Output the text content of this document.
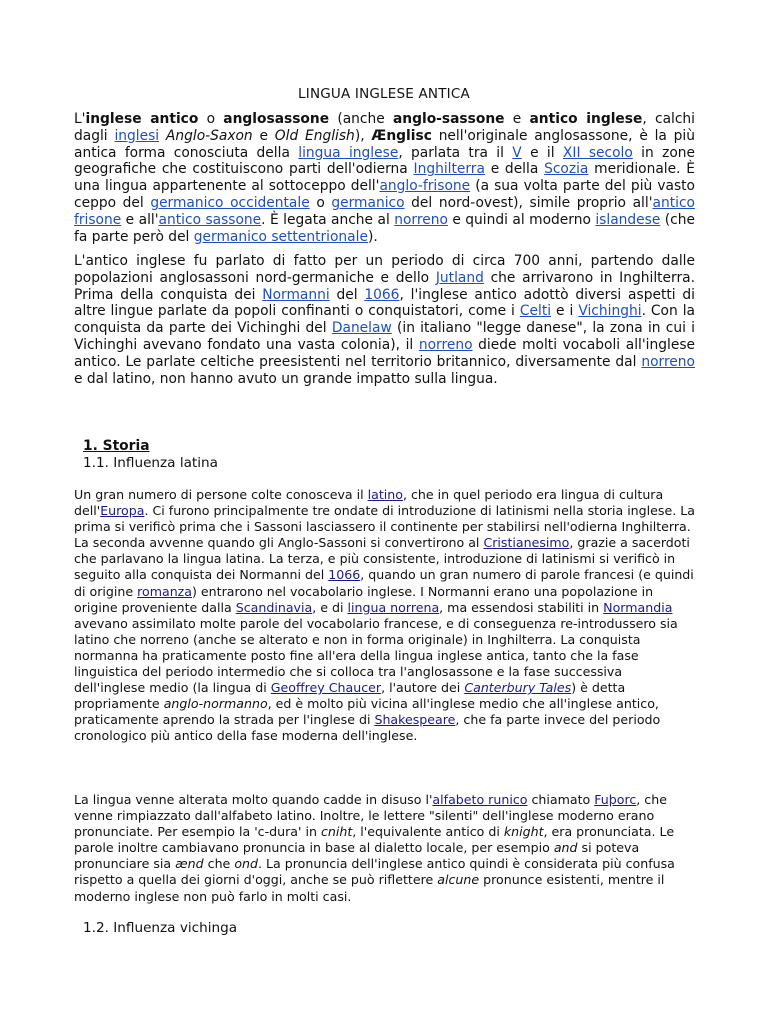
LINGUA INGLESE ANTICA
L'inglese antico o anglosassone (anche anglo-sassone e antico inglese, calchi dagli inglesi Anglo-Saxon e Old English), Ænglisc nell'originale anglosassone, è la più antica forma conosciuta della lingua inglese, parlata tra il V e il XII secolo in zone geografiche che costituiscono parti dell'odierna Inghilterra e della Scozia meridionale. È una lingua appartenente al sottoceppo dell'anglo-frisone (a sua volta parte del più vasto ceppo del germanico occidentale o germanico del nord-ovest), simile proprio all'antico frisone e all'antico sassone. È legata anche al norreno e quindi al moderno islandese (che fa parte però del germanico settentrionale).
L'antico inglese fu parlato di fatto per un periodo di circa 700 anni, partendo dalle popolazioni anglosassoni nord-germaniche e dello Jutland che arrivarono in Inghilterra. Prima della conquista dei Normanni del 1066, l'inglese antico adottò diversi aspetti di altre lingue parlate da popoli confinanti o conquistatori, come i Celti e i Vichinghi. Con la conquista da parte dei Vichinghi del Danelaw (in italiano "legge danese", la zona in cui i Vichinghi avevano fondato una vasta colonia), il norreno diede molti vocaboli all'inglese antico. Le parlate celtiche preesistenti nel territorio britannico, diversamente dal norreno e dal latino, non hanno avuto un grande impatto sulla lingua.
1. Storia
1.1. Influenza latina
Un gran numero di persone colte conosceva il latino, che in quel periodo era lingua di cultura dell'Europa. Ci furono principalmente tre ondate di introduzione di latinismi nella storia inglese. La prima si verificò prima che i Sassoni lasciassero il continente per stabilirsi nell'odierna Inghilterra. La seconda avvenne quando gli Anglo-Sassoni si convertirono al Cristianesimo, grazie a sacerdoti che parlavano la lingua latina. La terza, e più consistente, introduzione di latinismi si verificò in seguito alla conquista dei Normanni del 1066, quando un gran numero di parole francesi (e quindi di origine romanza) entrarono nel vocabolario inglese. I Normanni erano una popolazione in origine proveniente dalla Scandinavia, e di lingua norrena, ma essendosi stabiliti in Normandia avevano assimilato molte parole del vocabolario francese, e di conseguenza re-introdussero sia latino che norreno (anche se alterato e non in forma originale) in Inghilterra. La conquista normanna ha praticamente posto fine all'era della lingua inglese antica, tanto che la fase linguistica del periodo intermedio che si colloca tra l'anglosassone e la fase successiva dell'inglese medio (la lingua di Geoffrey Chaucer, l'autore dei Canterbury Tales) è detta propriamente anglo-normanno, ed è molto più vicina all'inglese medio che all'inglese antico, praticamente aprendo la strada per l'inglese di Shakespeare, che fa parte invece del periodo cronologico più antico della fase moderna dell'inglese.
La lingua venne alterata molto quando cadde in disuso l'alfabeto runico chiamato Fuþorc, che venne rimpiazzato dall'alfabeto latino. Inoltre, le lettere "silenti" dell'inglese moderno erano pronunciate. Per esempio la 'c-dura' in cniht, l'equivalente antico di knight, era pronunciata. Le parole inoltre cambiavano pronuncia in base al dialetto locale, per esempio and si poteva pronunciare sia ænd che ond. La pronuncia dell'inglese antico quindi è considerata più confusa rispetto a quella dei giorni d'oggi, anche se può riflettere alcune pronunce esistenti, mentre il moderno inglese non può farlo in molti casi.
1.2. Influenza vichinga
